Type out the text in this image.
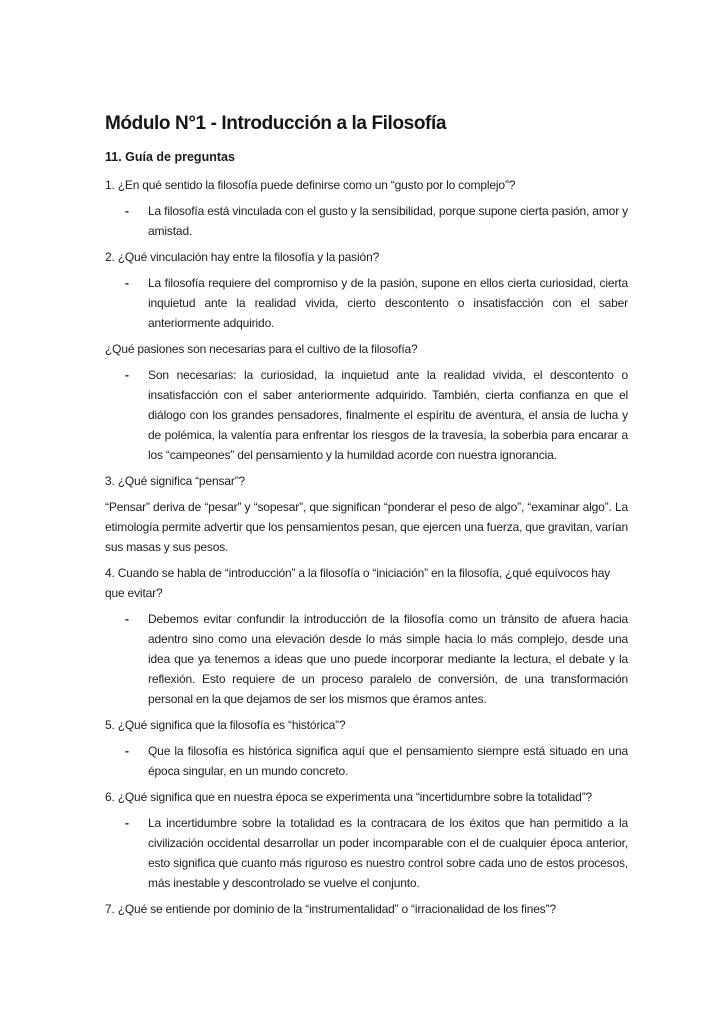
Módulo N°1 - Introducción a la Filosofía
11. Guía de preguntas

1. ¿En qué sentido la filosofía puede definirse como un “gusto por lo complejo”?

- La filosofía está vinculada con el gusto y la sensibilidad, porque supone cierta pasión, amor y amistad.

2. ¿Qué vinculación hay entre la filosofía y la pasión?

- La filosofía requiere del compromiso y de la pasión, supone en ellos cierta curiosidad, cierta inquietud ante la realidad vivida, cierto descontento o insatisfacción con el saber anteriormente adquirido.

¿Qué pasiones son necesarias para el cultivo de la filosofía?

- Son necesarias: la curiosidad, la inquietud ante la realidad vivida, el descontento o insatisfacción con el saber anteriormente adquirido. También, cierta confianza en que el diálogo con los grandes pensadores, finalmente el espíritu de aventura, el ansia de lucha y de polémica, la valentía para enfrentar los riesgos de la travesía, la soberbia para encarar a los “campeones” del pensamiento y la humildad acorde con nuestra ignorancia.

3. ¿Qué significa “pensar”?

“Pensar” deriva de “pesar” y “sopesar”, que significan “ponderar el peso de algo”, “examinar algo”. La etimología permite advertir que los pensamientos pesan, que ejercen una fuerza, que gravitan, varían sus masas y sus pesos.

4. Cuando se habla de “introducción” a la filosofía o “iniciación” en la filosofía, ¿qué equívocos hay que evitar?

- Debemos evitar confundir la introducción de la filosofía como un tránsito de afuera hacia adentro sino como una elevación desde lo más simple hacia lo más complejo, desde una idea que ya tenemos a ideas que uno puede incorporar mediante la lectura, el debate y la reflexión. Esto requiere de un proceso paralelo de conversión, de una transformación personal en la que dejamos de ser los mismos que éramos antes.

5. ¿Qué significa que la filosofía es “histórica”?

- Que la filosofía es histórica significa aquí que el pensamiento siempre está situado en una época singular, en un mundo concreto.

6. ¿Qué significa que en nuestra época se experimenta una “incertidumbre sobre la totalidad”?

- La incertidumbre sobre la totalidad es la contracara de los éxitos que han permitido a la civilización occidental desarrollar un poder incomparable con el de cualquier época anterior, esto significa que cuanto más riguroso es nuestro control sobre cada uno de estos procesos, más inestable y descontrolado se vuelve el conjunto.

7. ¿Qué se entiende por dominio de la “instrumentalidad” o “irracionalidad de los fines”?
